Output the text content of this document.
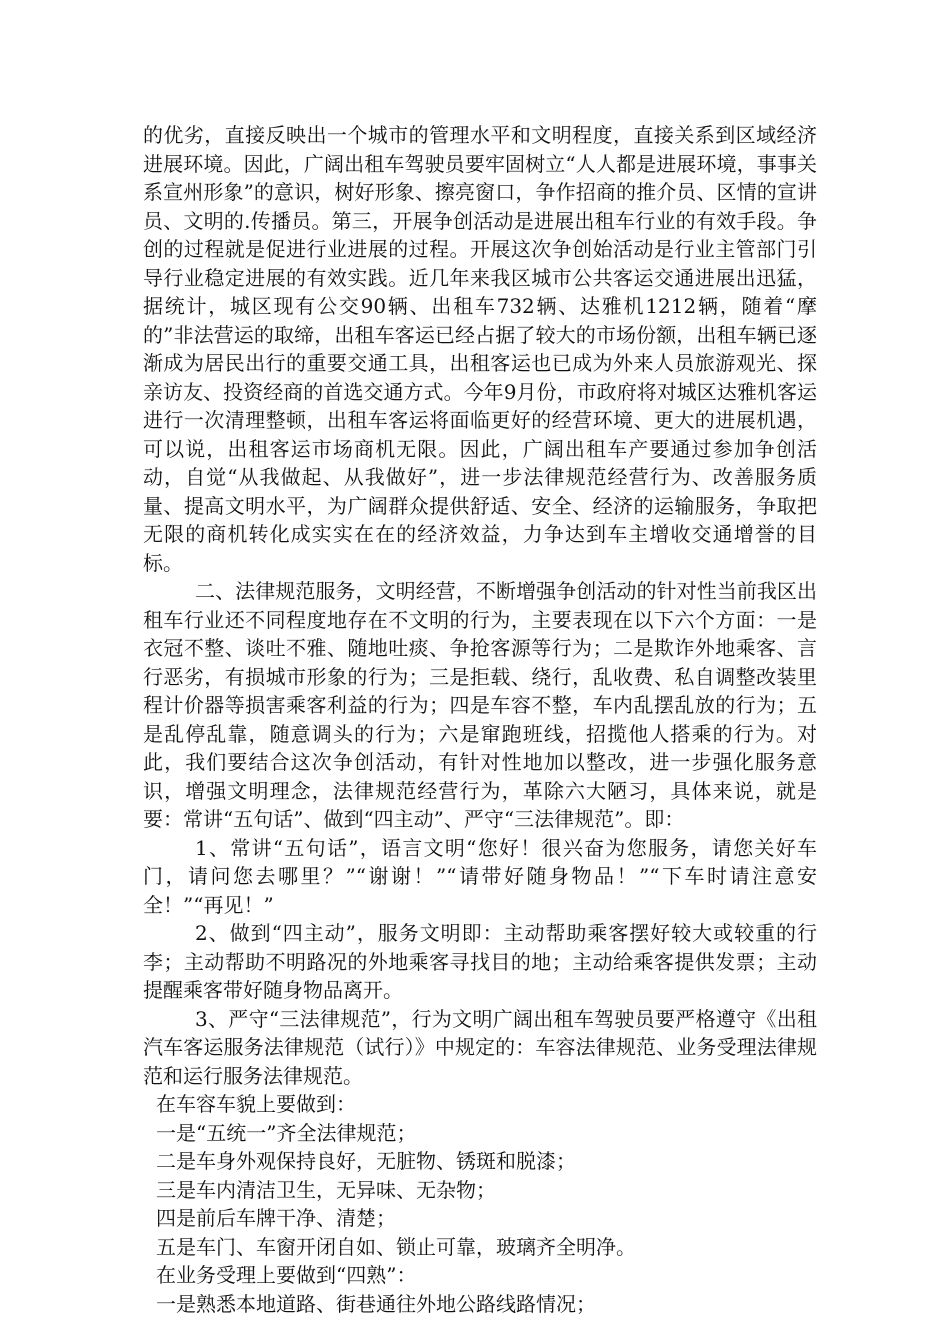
的优劣，直接反映出一个城市的管理水平和文明程度，直接关系到区域经济进展环境。因此，广阔出租车驾驶员要牢固树立“人人都是进展环境，事事关系宣州形象”的意识，树好形象、擦亮窗口，争作招商的推介员、区情的宣讲员、文明的.传播员。第三，开展争创活动是进展出租车行业的有效手段。争创的过程就是促进行业进展的过程。开展这次争创始活动是行业主管部门引导行业稳定进展的有效实践。近几年来我区城市公共客运交通进展出迅猛，据统计，城区现有公交90辆、出租车732辆、达雅机1212辆，随着“摩的”非法营运的取缔，出租车客运已经占据了较大的市场份额，出租车辆已逐渐成为居民出行的重要交通工具，出租客运也已成为外来人员旅游观光、探亲访友、投资经商的首选交通方式。今年9月份，市政府将对城区达雅机客运进行一次清理整顿，出租车客运将面临更好的经营环境、更大的进展机遇，可以说，出租客运市场商机无限。因此，广阔出租车产要通过参加争创活动，自觉“从我做起、从我做好”，进一步法律规范经营行为、改善服务质量、提高文明水平，为广阔群众提供舒适、安全、经济的运输服务，争取把无限的商机转化成实实在在的经济效益，力争达到车主增收交通增誉的目标。

二、法律规范服务，文明经营，不断增强争创活动的针对性当前我区出租车行业还不同程度地存在不文明的行为，主要表现在以下六个方面：一是衣冠不整、谈吐不雅、随地吐痰、争抢客源等行为；二是欺诈外地乘客、言行恶劣，有损城市形象的行为；三是拒载、绕行，乱收费、私自调整改装里程计价器等损害乘客利益的行为；四是车容不整，车内乱摆乱放的行为；五是乱停乱靠，随意调头的行为；六是窜跑班线，招揽他人搭乘的行为。对此，我们要结合这次争创活动，有针对性地加以整改，进一步强化服务意识，增强文明理念，法律规范经营行为，革除六大陋习，具体来说，就是要：常讲“五句话”、做到“四主动”、严守“三法律规范”。即：

1、常讲“五句话”，语言文明“您好！很兴奋为您服务，请您关好车门，请问您去哪里？”“谢谢！”“请带好随身物品！”“下车时请注意安全！”“再见！”

2、做到“四主动”，服务文明即：主动帮助乘客摆好较大或较重的行李；主动帮助不明路况的外地乘客寻找目的地；主动给乘客提供发票；主动提醒乘客带好随身物品离开。

3、严守“三法律规范”，行为文明广阔出租车驾驶员要严格遵守《出租汽车客运服务法律规范（试行）》中规定的：车容法律规范、业务受理法律规范和运行服务法律规范。

在车容车貌上要做到：

一是“五统一”齐全法律规范；

二是车身外观保持良好，无脏物、锈斑和脱漆；

三是车内清洁卫生，无异味、无杂物；

四是前后车牌干净、清楚；

五是车门、车窗开闭自如、锁止可靠，玻璃齐全明净。

在业务受理上要做到“四熟”：

一是熟悉本地道路、街巷通往外地公路线路情况；
